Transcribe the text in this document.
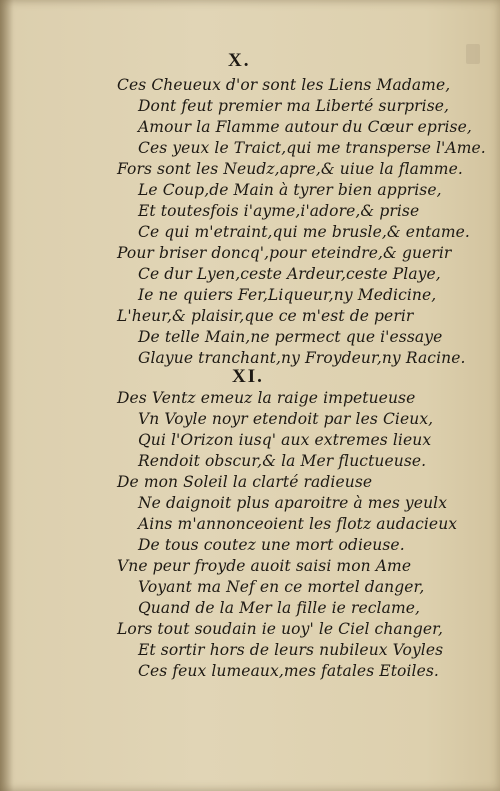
X.
Ces Cheueux d'or sont les Liens Madame,
Dont feut premier ma Liberté surprise,
Amour la Flamme autour du Cœur eprise,
Ces yeux le Traict,qui me transperse l'Ame.
Fors sont les Neudz,apre,& uiue la flamme.
Le Coup,de Main à tyrer bien apprise,
Et toutesfois i'ayme,i'adore,& prise
Ce qui m'etraint,qui me brusle,& entame.
Pour briser doncq',pour eteindre,& guerir
Ce dur Lyen,ceste Ardeur,ceste Playe,
Ie ne quiers Fer,Liqueur,ny Medicine,
L'heur,& plaisir,que ce m'est de perir
De telle Main,ne permect que i'essaye
Glayue tranchant,ny Froydeur,ny Racine.
XI.
Des Ventz emeuz la raige impetueuse
Vn Voyle noyr etendoit par les Cieux,
Qui l'Orizon iusq' aux extremes lieux
Rendoit obscur,& la Mer fluctueuse.
De mon Soleil la clarté radieuse
Ne daignoit plus aparoitre à mes yeulx
Ains m'annonceoient les flotz audacieux
De tous coutez une mort odieuse.
Vne peur froyde auoit saisi mon Ame
Voyant ma Nef en ce mortel danger,
Quand de la Mer la fille ie reclame,
Lors tout soudain ie uoy' le Ciel changer,
Et sortir hors de leurs nubileux Voyles
Ces feux lumeaux,mes fatales Etoiles.
